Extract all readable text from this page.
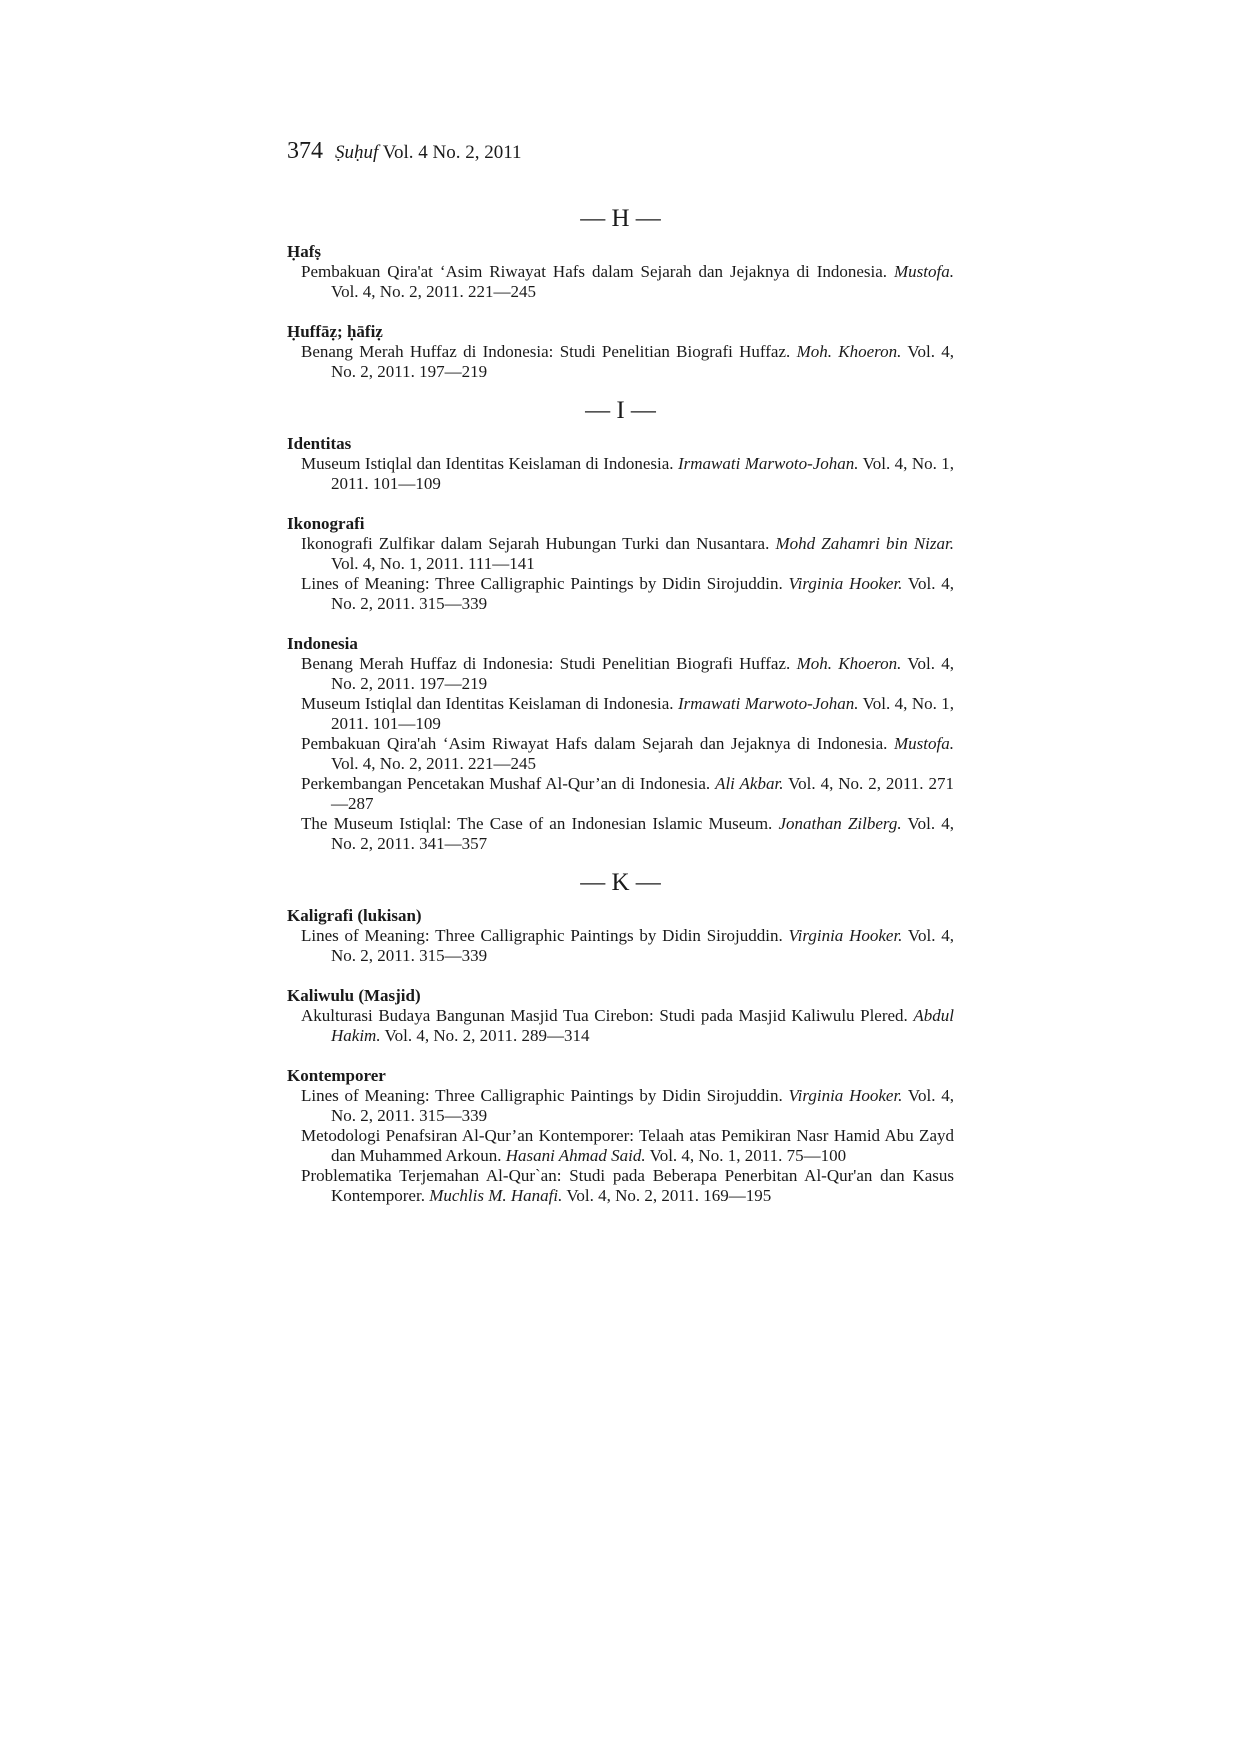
374 Ṣuḥuf Vol. 4 No. 2, 2011
— H —

Ḥafṣ

Pembakuan Qira'at ‘Asim Riwayat Hafs dalam Sejarah dan Jejaknya di Indonesia. Mustofa. Vol. 4, No. 2, 2011. 221—245

Ḥuffāẓ; ḥāfiẓ

Benang Merah Huffaz di Indonesia: Studi Penelitian Biografi Huffaz. Moh. Khoeron. Vol. 4, No. 2, 2011. 197—219

— I —

Identitas

Museum Istiqlal dan Identitas Keislaman di Indonesia. Irmawati Marwoto-Johan. Vol. 4, No. 1, 2011. 101—109

Ikonografi

Ikonografi Zulfikar dalam Sejarah Hubungan Turki dan Nusantara. Mohd Zahamri bin Nizar. Vol. 4, No. 1, 2011. 111—141

Lines of Meaning: Three Calligraphic Paintings by Didin Sirojuddin. Virginia Hooker. Vol. 4, No. 2, 2011. 315—339

Indonesia

Benang Merah Huffaz di Indonesia: Studi Penelitian Biografi Huffaz. Moh. Khoeron. Vol. 4, No. 2, 2011. 197—219

Museum Istiqlal dan Identitas Keislaman di Indonesia. Irmawati Marwoto-Johan. Vol. 4, No. 1, 2011. 101—109

Pembakuan Qira'ah ‘Asim Riwayat Hafs dalam Sejarah dan Jejaknya di Indonesia. Mustofa. Vol. 4, No. 2, 2011. 221—245

Perkembangan Pencetakan Mushaf Al-Qur’an di Indonesia. Ali Akbar. Vol. 4, No. 2, 2011. 271—287

The Museum Istiqlal: The Case of an Indonesian Islamic Museum. Jonathan Zilberg. Vol. 4, No. 2, 2011. 341—357

— K —

Kaligrafi (lukisan)

Lines of Meaning: Three Calligraphic Paintings by Didin Sirojuddin. Virginia Hooker. Vol. 4, No. 2, 2011. 315—339

Kaliwulu (Masjid)

Akulturasi Budaya Bangunan Masjid Tua Cirebon: Studi pada Masjid Kaliwulu Plered. Abdul Hakim. Vol. 4, No. 2, 2011. 289—314

Kontemporer

Lines of Meaning: Three Calligraphic Paintings by Didin Sirojuddin. Virginia Hooker. Vol. 4, No. 2, 2011. 315—339

Metodologi Penafsiran Al-Qur’an Kontemporer: Telaah atas Pemikiran Nasr Hamid Abu Zayd dan Muhammed Arkoun. Hasani Ahmad Said. Vol. 4, No. 1, 2011. 75—100

Problematika Terjemahan Al-Qur`an: Studi pada Beberapa Penerbitan Al-Qur'an dan Kasus Kontemporer. Muchlis M. Hanafi. Vol. 4, No. 2, 2011. 169—195
